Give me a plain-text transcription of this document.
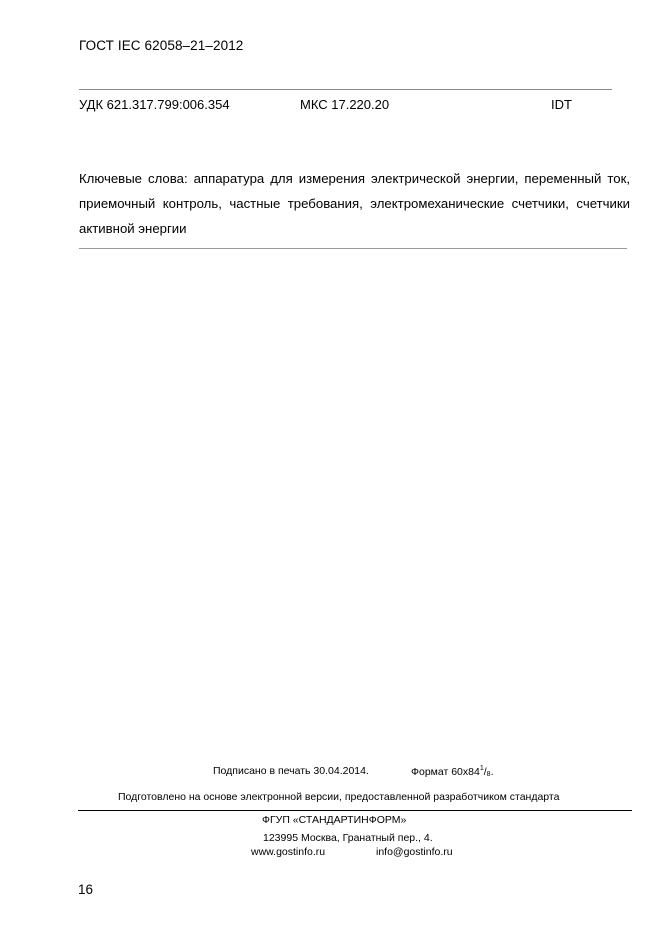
ГОСТ IEC 62058–21–2012
УДК 621.317.799:006.354	МКС 17.220.20	IDT
Ключевые слова: аппаратура для измерения электрической энергии, переменный ток, приемочный контроль, частные требования, электромеханические счетчики, счетчики активной энергии
Подписано в печать 30.04.2014.	Формат $60х84^1/_8$.
Подготовлено на основе электронной версии, предоставленной разработчиком стандарта
ФГУП «СТАНДАРТИНФОРМ»
123995 Москва, Гранатный пер., 4.
www.gostinfo.ru	info@gostinfo.ru
16
